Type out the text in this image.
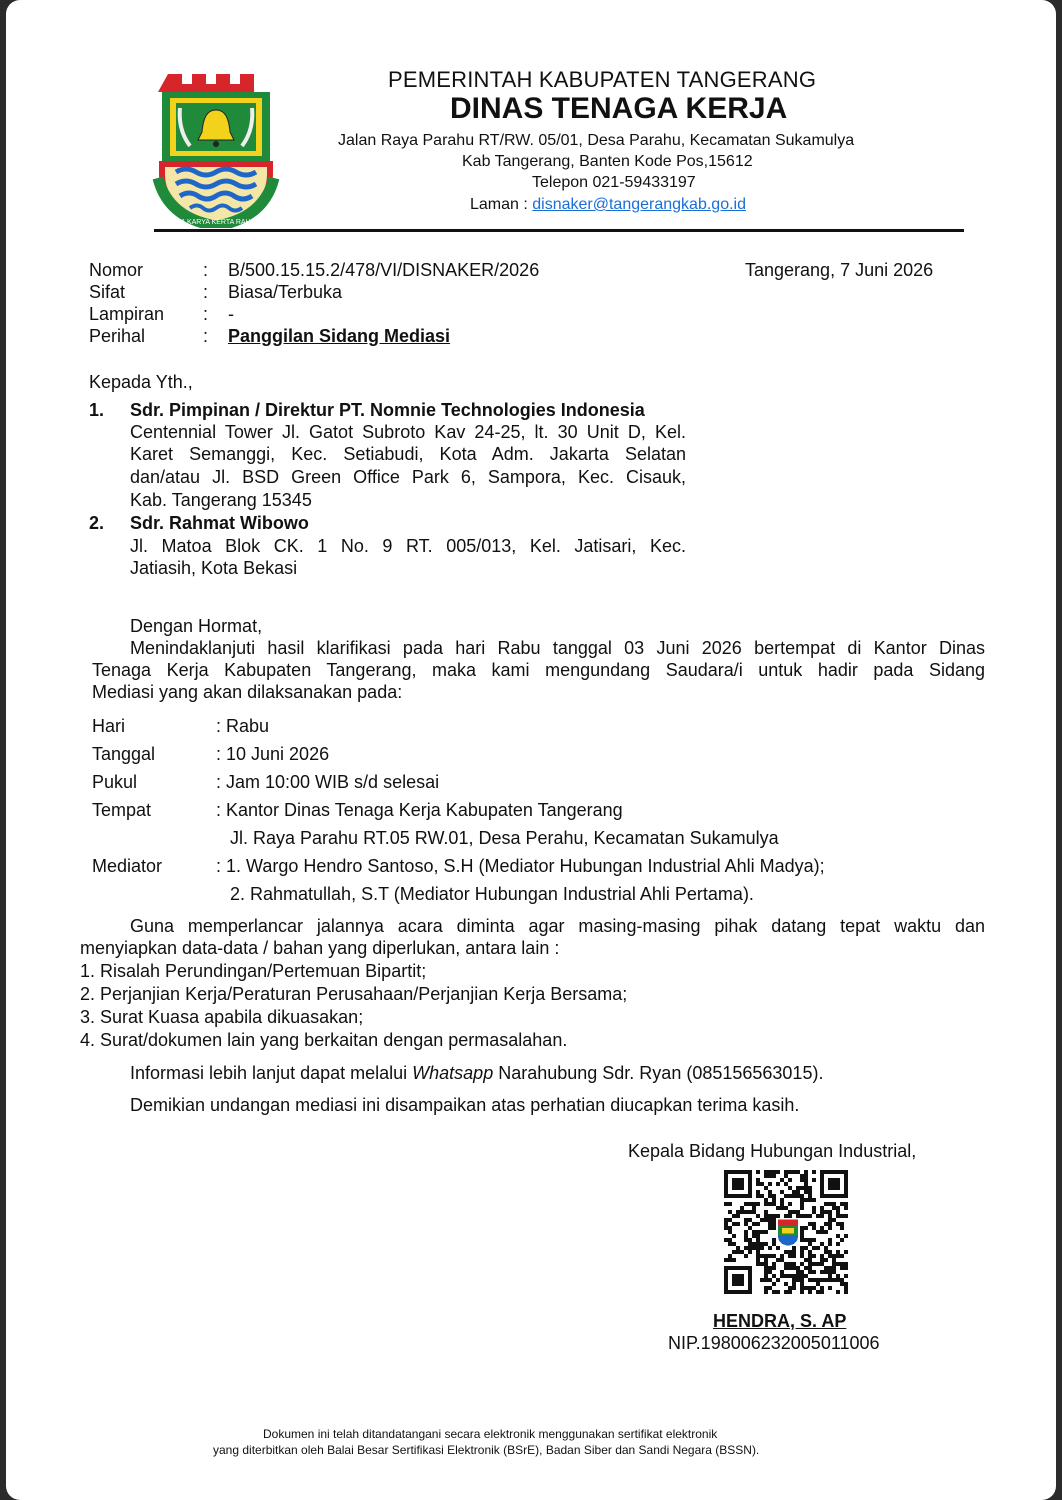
SATYA KARYA KERTA RAHARJA
PEMERINTAH KABUPATEN TANGERANG
DINAS TENAGA KERJA
Jalan Raya Parahu RT/RW. 05/01, Desa Parahu, Kecamatan Sukamulya
Kab Tangerang, Banten Kode Pos,15612
Telepon 021-59433197
Laman : disnaker@tangerangkab.go.id
Nomor	: B/500.15.15.2/478/VI/DISNAKER/2026	Tangerang, 7 Juni 2026
Sifat	: Biasa/Terbuka
Lampiran : -
Perihal	: Panggilan Sidang Mediasi
Kepada Yth.,
1. Sdr. Pimpinan / Direktur PT. Nomnie Technologies Indonesia
Centennial Tower Jl. Gatot Subroto Kav 24-25, lt. 30 Unit D, Kel.
Karet Semanggi, Kec. Setiabudi, Kota Adm. Jakarta Selatan
dan/atau Jl. BSD Green Office Park 6, Sampora, Kec. Cisauk,
Kab. Tangerang 15345
2. Sdr. Rahmat Wibowo
Jl. Matoa Blok CK. 1 No. 9 RT. 005/013, Kel. Jatisari, Kec.
Jatiasih, Kota Bekasi
Dengan Hormat,
Menindaklanjuti hasil klarifikasi pada hari Rabu tanggal 03 Juni 2026 bertempat di Kantor Dinas
Tenaga Kerja Kabupaten Tangerang, maka kami mengundang Saudara/i untuk hadir pada Sidang
Mediasi yang akan dilaksanakan pada:
Hari	: Rabu
Tanggal	: 10 Juni 2026
Pukul	: Jam 10:00 WIB s/d selesai
Tempat	: Kantor Dinas Tenaga Kerja Kabupaten Tangerang
Jl. Raya Parahu RT.05 RW.01, Desa Perahu, Kecamatan Sukamulya
Mediator	: 1. Wargo Hendro Santoso, S.H (Mediator Hubungan Industrial Ahli Madya);
2. Rahmatullah, S.T (Mediator Hubungan Industrial Ahli Pertama).
Guna memperlancar jalannya acara diminta agar masing-masing pihak datang tepat waktu dan
menyiapkan data-data / bahan yang diperlukan, antara lain :
1. Risalah Perundingan/Pertemuan Bipartit;
2. Perjanjian Kerja/Peraturan Perusahaan/Perjanjian Kerja Bersama;
3. Surat Kuasa apabila dikuasakan;
4. Surat/dokumen lain yang berkaitan dengan permasalahan.
Informasi lebih lanjut dapat melalui Whatsapp Narahubung Sdr. Ryan (085156563015).
Demikian undangan mediasi ini disampaikan atas perhatian diucapkan terima kasih.
Kepala Bidang Hubungan Industrial,
HENDRA, S. AP
NIP.198006232005011006
Dokumen ini telah ditandatangani secara elektronik menggunakan sertifikat elektronik
yang diterbitkan oleh Balai Besar Sertifikasi Elektronik (BSrE), Badan Siber dan Sandi Negara (BSSN).
